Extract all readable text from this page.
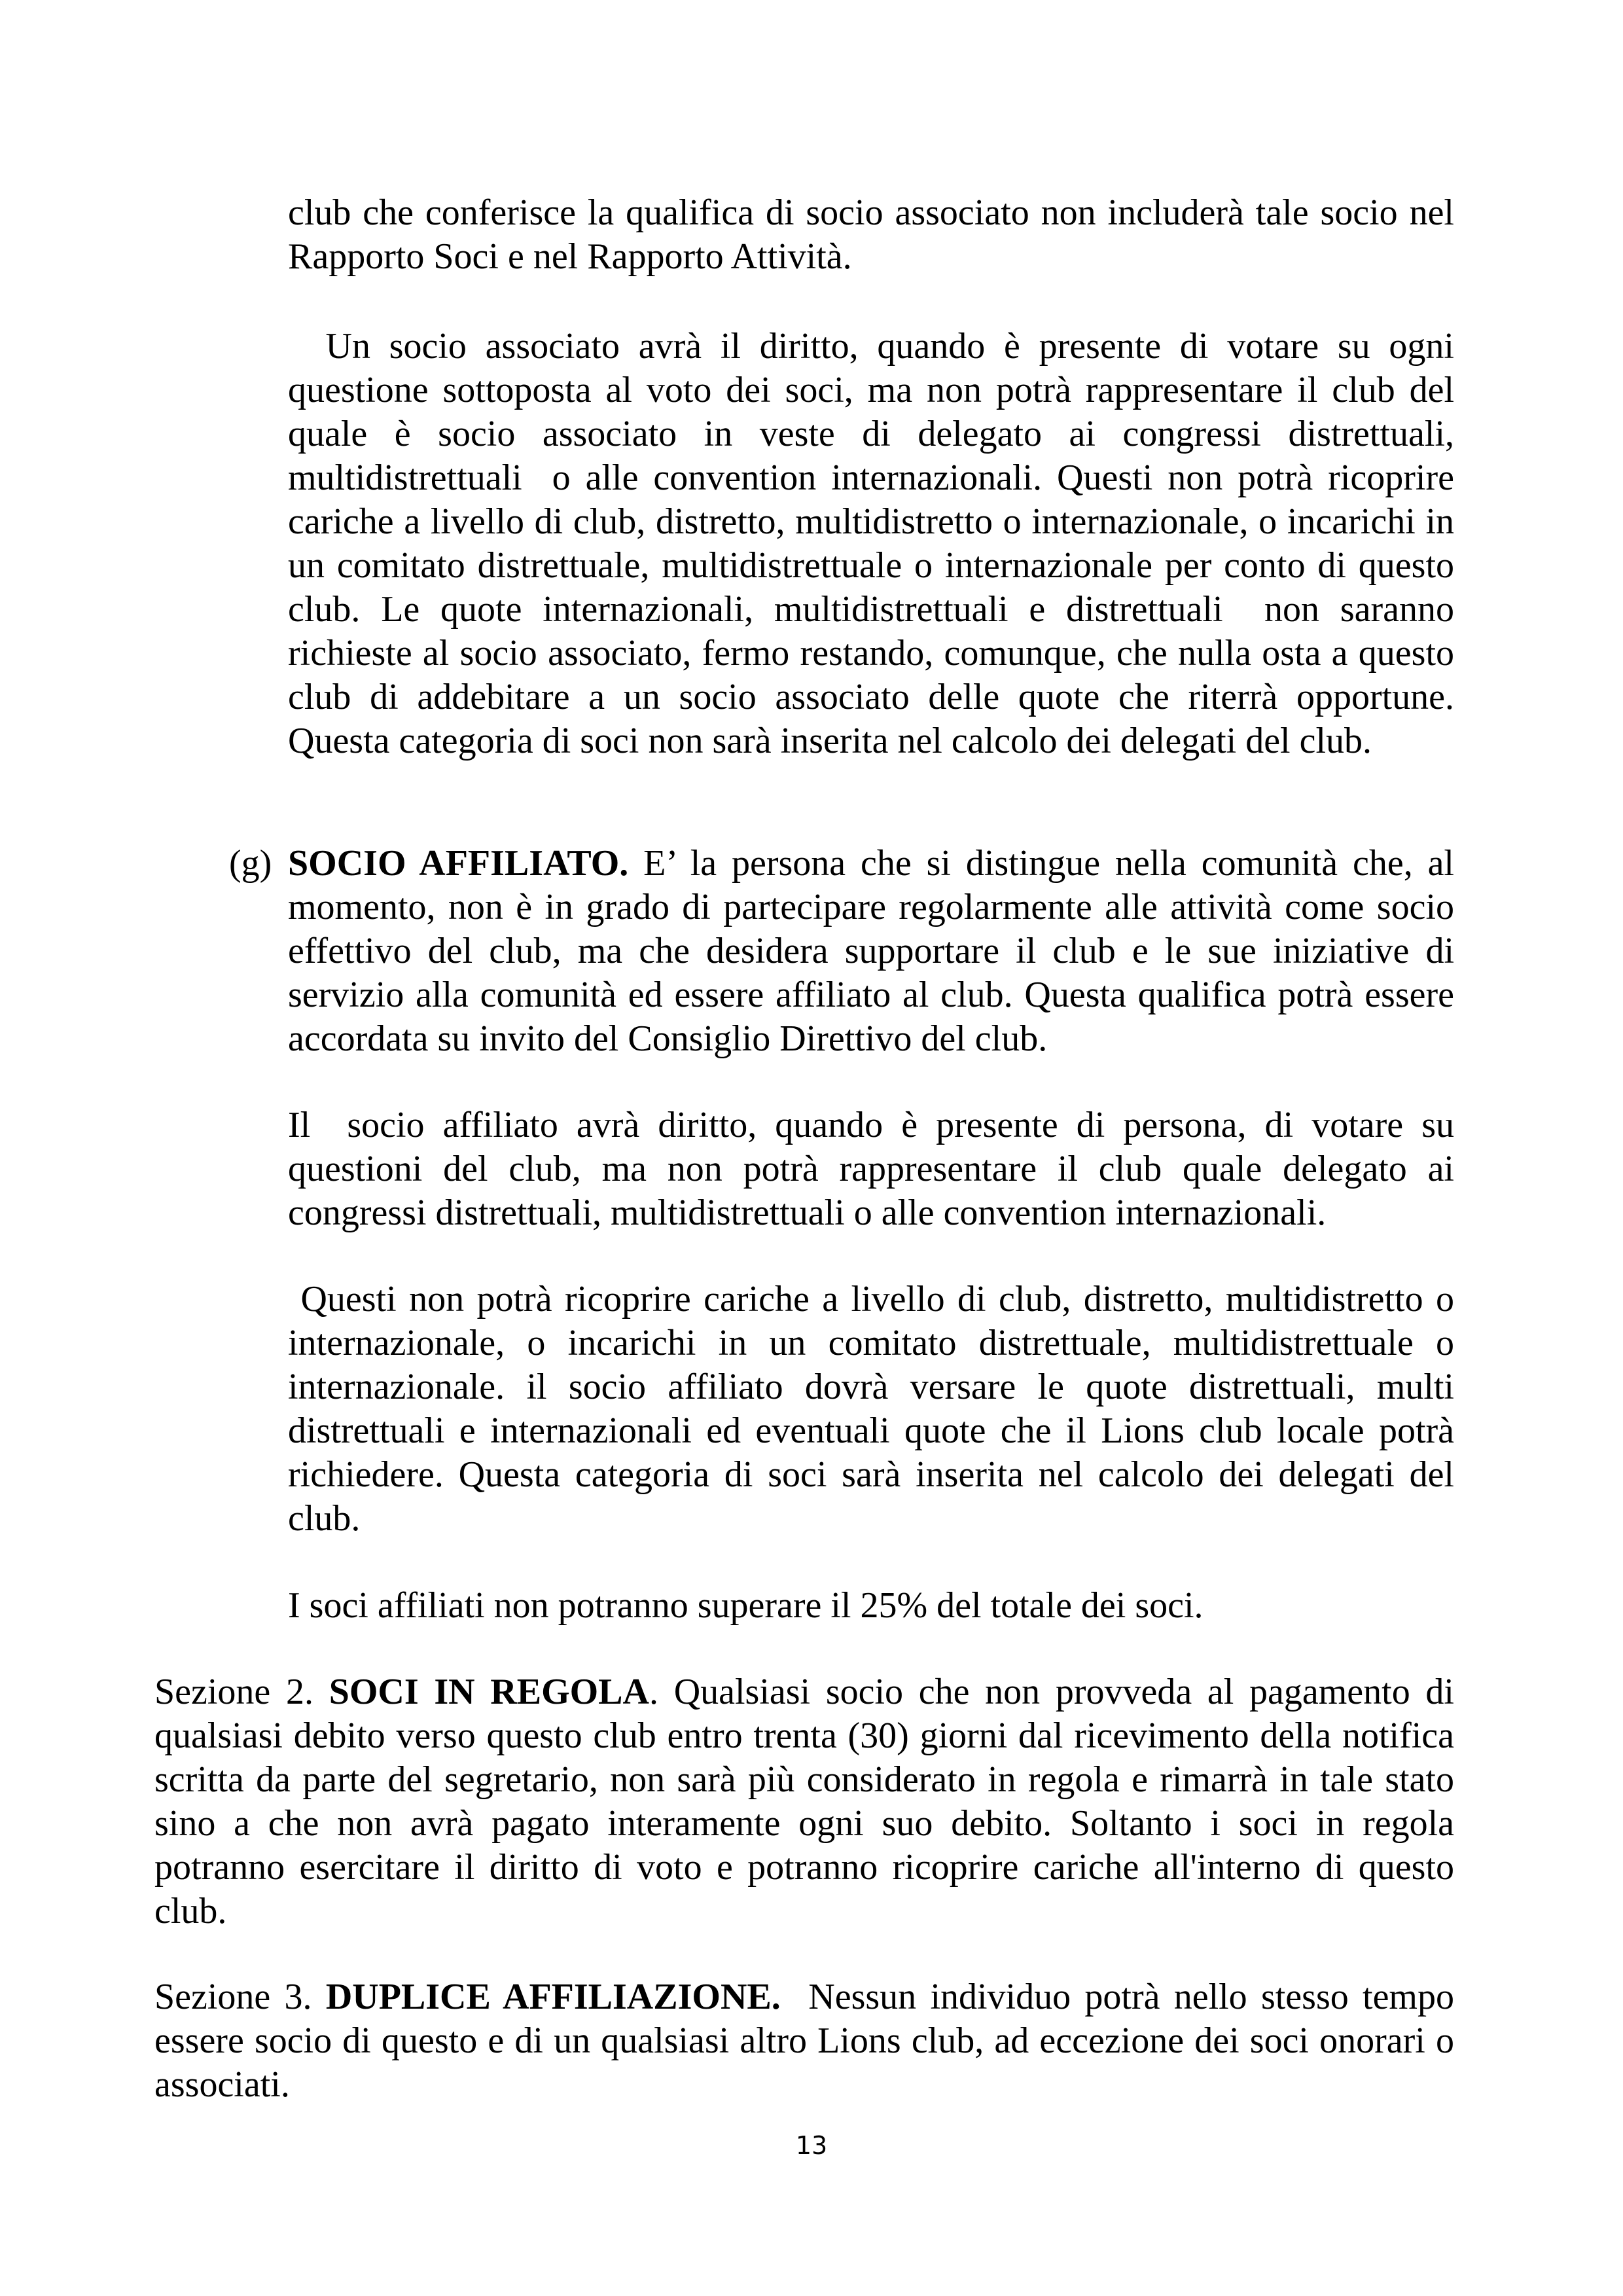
club che conferisce la qualifica di socio associato non includerà tale socio nel Rapporto Soci e nel Rapporto Attività.

Un socio associato avrà il diritto, quando è presente di votare su ogni questione sottoposta al voto dei soci, ma non potrà rappresentare il club del quale è socio associato in veste di delegato ai congressi distrettuali, multidistrettuali  o alle convention internazionali. Questi non potrà ricoprire cariche a livello di club, distretto, multidistretto o internazionale, o incarichi in un comitato distrettuale, multidistrettuale o internazionale per conto di questo club. Le quote internazionali, multidistrettuali e distrettuali  non saranno richieste al socio associato, fermo restando, comunque, che nulla osta a questo club di addebitare a un socio associato delle quote che riterrà opportune. Questa categoria di soci non sarà inserita nel calcolo dei delegati del club.

(g) SOCIO AFFILIATO. E’ la persona che si distingue nella comunità che, al momento, non è in grado di partecipare regolarmente alle attività come socio effettivo del club, ma che desidera supportare il club e le sue iniziative di servizio alla comunità ed essere affiliato al club. Questa qualifica potrà essere accordata su invito del Consiglio Direttivo del club.

Il  socio affiliato avrà diritto, quando è presente di persona, di votare su questioni del club, ma non potrà rappresentare il club quale delegato ai congressi distrettuali, multidistrettuali o alle convention internazionali.

Questi non potrà ricoprire cariche a livello di club, distretto, multidistretto o internazionale, o incarichi in un comitato distrettuale, multidistrettuale o internazionale. il socio affiliato dovrà versare le quote distrettuali, multi distrettuali e internazionali ed eventuali quote che il Lions club locale potrà richiedere. Questa categoria di soci sarà inserita nel calcolo dei delegati del club.

I soci affiliati non potranno superare il 25% del totale dei soci.

Sezione 2. SOCI IN REGOLA. Qualsiasi socio che non provveda al pagamento di qualsiasi debito verso questo club entro trenta (30) giorni dal ricevimento della notifica scritta da parte del segretario, non sarà più considerato in regola e rimarrà in tale stato sino a che non avrà pagato interamente ogni suo debito. Soltanto i soci in regola potranno esercitare il diritto di voto e potranno ricoprire cariche all'interno di questo club.

Sezione 3. DUPLICE AFFILIAZIONE.  Nessun individuo potrà nello stesso tempo essere socio di questo e di un qualsiasi altro Lions club, ad eccezione dei soci onorari o associati.

13
